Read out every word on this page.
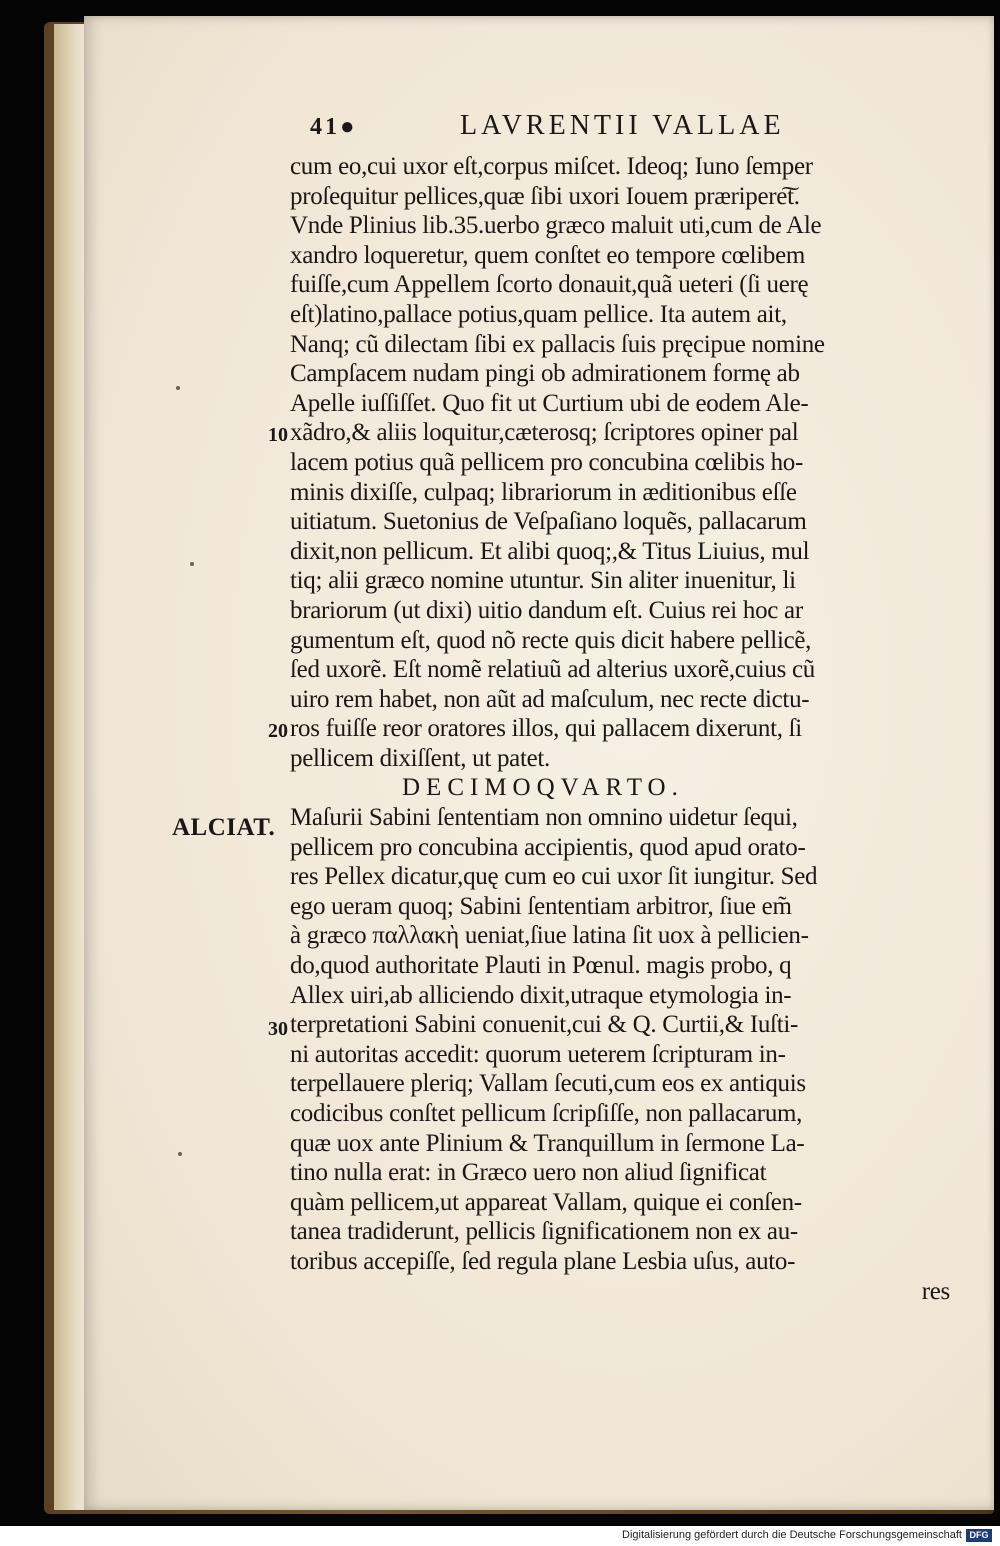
41●	LAVRENTII VALLAE
cum eo,cui uxor eſt,corpus miſcet. Ideoq; Iuno ſemper
proſequitur pellices,quæ ſibi uxori Iouem præripere͠t.
Vnde Plinius lib.35.uerbo græco maluit uti,cum de Ale
xandro loqueretur, quem conſtet eo tempore cœlibem
fuiſſe,cum Appellem ſcorto donauit,quã ueteri (ſi uerę
eſt)latino,pallace potius,quam pellice. Ita autem ait,
Nanq; cũ dilectam ſibi ex pallacis ſuis pręcipue nomine
Campſacem nudam pingi ob admirationem formę ab
Apelle iuſſiſſet. Quo fit ut Curtium ubi de eodem Ale-
xãdro,& aliis loquitur,cæterosq; ſcriptores opiner pal
lacem potius quã pellicem pro concubina cœlibis ho-
minis dixiſſe, culpaq; librariorum in æditionibus eſſe
uitiatum. Suetonius de Veſpaſiano loquẽs, pallacarum
dixit,non pellicum. Et alibi quoq;,& Titus Liuius, mul
tiq; alii græco nomine utuntur. Sin aliter inuenitur, li
brariorum (ut dixi) uitio dandum eſt. Cuius rei hoc ar
gumentum eſt, quod nõ recte quis dicit habere pellicẽ,
ſed uxorẽ. Eſt nomẽ relatiuũ ad alterius uxorẽ,cuius cũ
uiro rem habet, non aũt ad maſculum, nec recte dictu-
ros fuiſſe reor oratores illos, qui pallacem dixerunt, ſi
pellicem dixiſſent, ut patet.
DECIMOQVARTO.
Maſurii Sabini ſententiam non omnino uidetur ſequi,
pellicem pro concubina accipientis, quod apud orato-
res Pellex dicatur,quę cum eo cui uxor ſit iungitur. Sed
ego ueram quoq; Sabini ſententiam arbitror, ſiue em̃
à græco παλλακὴ ueniat,ſiue latina ſit uox à pellicien-
do,quod authoritate Plauti in Pœnul. magis probo, q
Allex uiri,ab alliciendo dixit,utraque etymologia in-
terpretationi Sabini conuenit,cui & Q. Curtii,& Iuſti-
ni autoritas accedit: quorum ueterem ſcripturam in-
terpellauere pleriq; Vallam ſecuti,cum eos ex antiquis
codicibus conſtet pellicum ſcripſiſſe, non pallacarum,
quæ uox ante Plinium & Tranquillum in ſermone La-
tino nulla erat: in Græco uero non aliud ſignificat
quàm pellicem,ut appareat Vallam, quique ei conſen-
tanea tradiderunt, pellicis ſignificationem non ex au-
toribus accepiſſe, ſed regula plane Lesbia uſus, auto-
res
10
20
ALCIAT.
30
Digitalisierung gefördert durch die Deutsche Forschungsgemeinschaft DFG
